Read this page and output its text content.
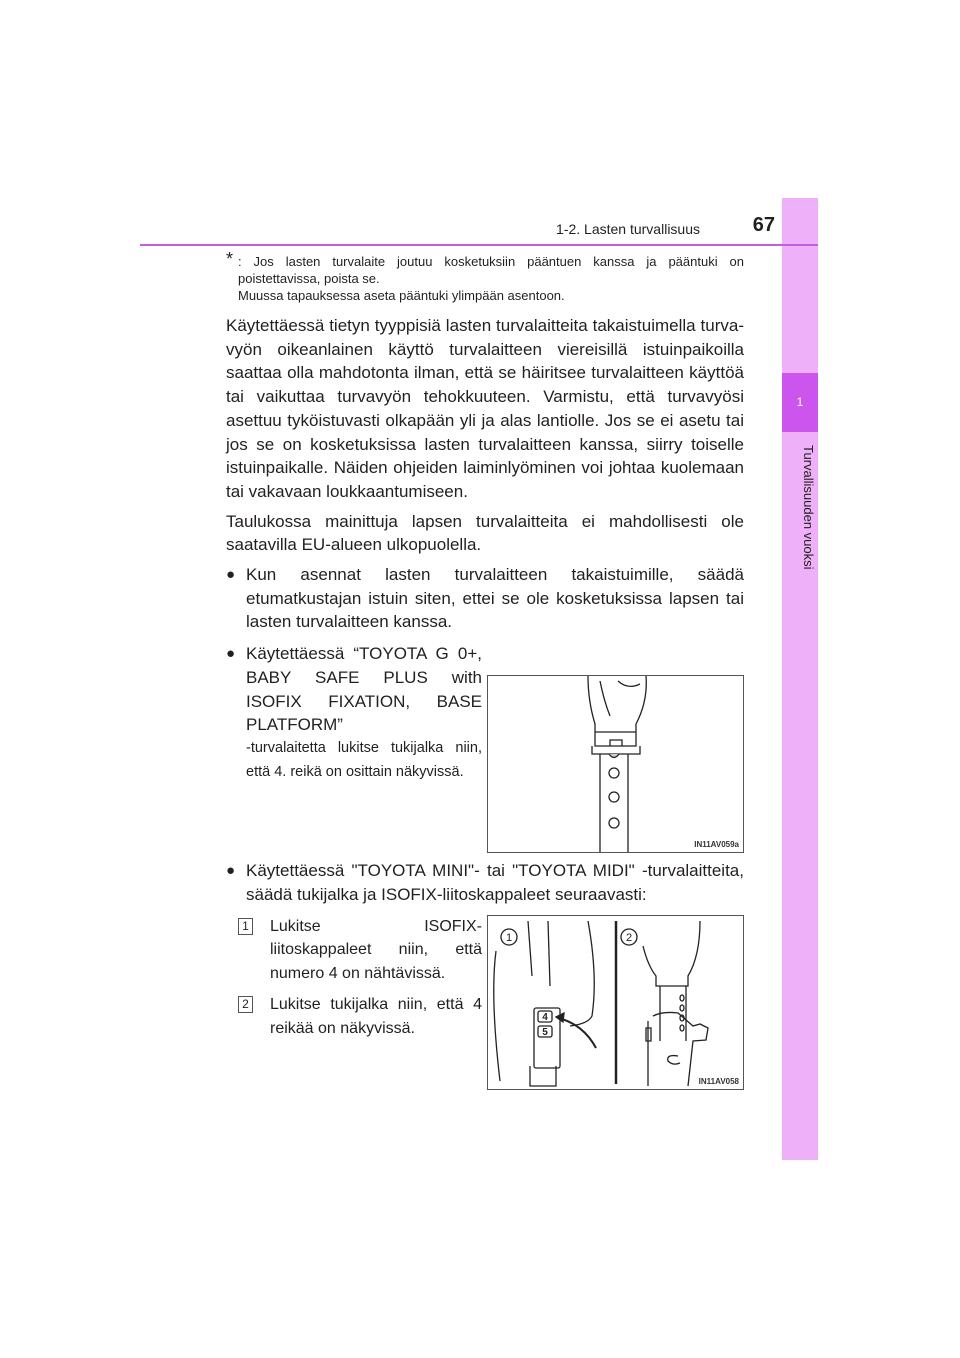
1
Turvallisuuden vuoksi
1-2. Lasten turvallisuus	67
* : Jos lasten turvalaite joutuu kosketuksiin pääntuen kanssa ja pääntuki on poistettavissa, poista se.
Muussa tapauksessa aseta pääntuki ylimpään asentoon.
Käytettäessä tietyn tyyppisiä lasten turvalaitteita takaistuimella turvavyön oikeanlainen käyttö turvalaitteen viereisillä istuinpaikoilla saattaa olla mahdotonta ilman, että se häiritsee turvalaitteen käyttöä tai vaikuttaa turvavyön tehokkuuteen. Varmistu, että turvavyösi asettuu tyköistuvasti olkapään yli ja alas lantiolle. Jos se ei asetu tai jos se on kosketuksissa lasten turvalaitteen kanssa, siirry toiselle istuinpaikalle. Näiden ohjeiden laiminlyöminen voi johtaa kuolemaan tai vakavaan loukkaantumiseen.
Taulukossa mainittuja lapsen turvalaitteita ei mahdollisesti ole saatavilla EU-alueen ulkopuolella.
● Kun asennat lasten turvalaitteen takaistuimille, säädä etumatkustajan istuin siten, ettei se ole kosketuksissa lapsen tai lasten turvalaitteen kanssa.
● Käytettäessä “TOYOTA G 0+, BABY SAFE PLUS with ISOFIX FIXATION, BASE PLATFORM”
-turvalaitetta lukitse tukijalka niin, että 4. reikä on osittain näkyvissä.
IN11AV059a
● Käytettäessä "TOYOTA MINI"- tai "TOYOTA MIDI" -turvalaitteita, säädä tukijalka ja ISOFIX-liitoskappaleet seuraavasti:
1	Lukitse ISOFIX-liitoskappaleet niin, että numero 4 on nähtävissä.
2	Lukitse tukijalka niin, että 4 reikää on näkyvissä.
1	2
4
5
IN11AV058
